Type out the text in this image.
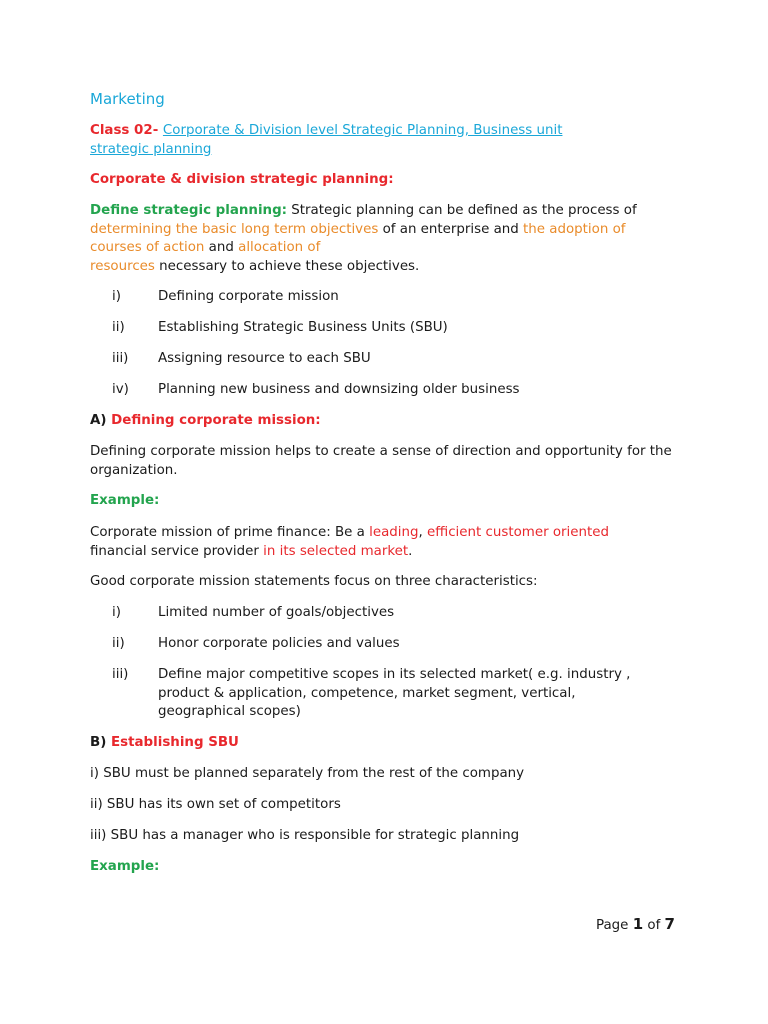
Marketing
Class 02- Corporate & Division level Strategic Planning, Business unit
strategic planning
Corporate & division strategic planning:
Define strategic planning: Strategic planning can be defined as the process of
determining the basic long term objectives of an enterprise and the adoption of
courses of action and allocation of
resources necessary to achieve these objectives.
i)	Defining corporate mission
ii)	Establishing Strategic Business Units (SBU)
iii)	Assigning resource to each SBU
iv)	Planning new business and downsizing older business
A) Defining corporate mission:
Defining corporate mission helps to create a sense of direction and opportunity for the organization.
Example:
Corporate mission of prime finance: Be a leading, efficient customer oriented
financial service provider in its selected market.
Good corporate mission statements focus on three characteristics:
i)	Limited number of goals/objectives
ii)	Honor corporate policies and values
iii)	Define major competitive scopes in its selected market( e.g. industry , product & application, competence, market segment, vertical, geographical scopes)
B) Establishing SBU
i) SBU must be planned separately from the rest of the company
ii) SBU has its own set of competitors
iii) SBU has a manager who is responsible for strategic planning
Example:
Page 1 of 7
